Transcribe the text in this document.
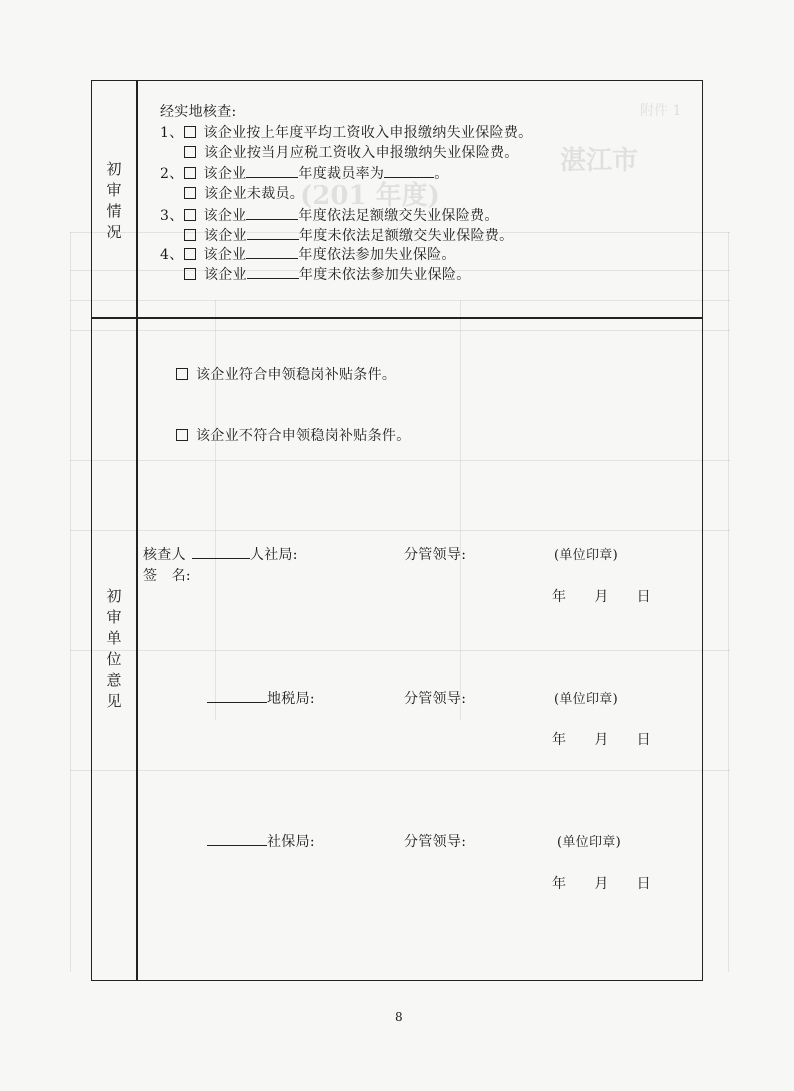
附件 1
湛江市
(201 年度)
初
审
情
况
经实地核查:
1、 该企业按上年度平均工资收入申报缴纳失业保险费。
该企业按当月应税工资收入申报缴纳失业保险费。
2、 该企业	年度裁员率为	。
该企业未裁员。
3、 该企业	年度依法足额缴交失业保险费。
该企业	年度未依法足额缴交失业保险费。
4、 该企业	年度依法参加失业保险。
该企业	年度未依法参加失业保险。
初
审
单
位
意
见
该企业符合申领稳岗补贴条件。
该企业不符合申领稳岗补贴条件。
核查人	人社局:	分管领导:	(单位印章)
签　名:
年 月 日
地税局:	分管领导:	(单位印章)
年 月 日
社保局:	分管领导:	(单位印章)
年 月 日
8
